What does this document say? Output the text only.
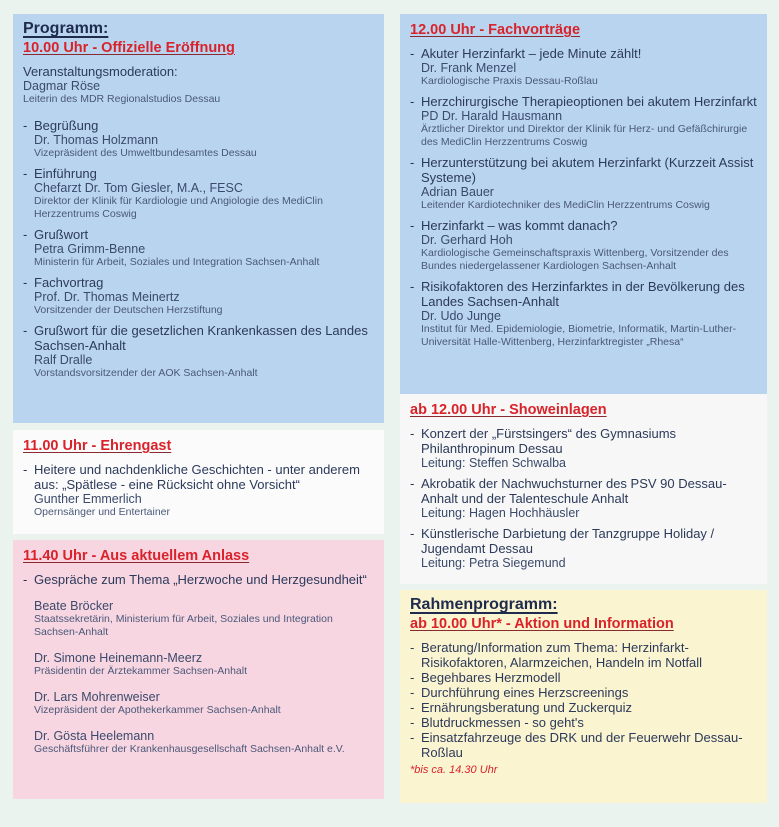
Programm:
10.00 Uhr - Offizielle Eröffnung
Veranstaltungsmoderation:
Dagmar Röse
Leiterin des MDR Regionalstudios Dessau
- Begrüßung
Dr. Thomas Holzmann
Vizepräsident des Umweltbundesamtes Dessau
- Einführung
Chefarzt Dr. Tom Giesler, M.A., FESC
Direktor der Klinik für Kardiologie und Angiologie des MediClin Herzzentrums Coswig
- Grußwort
Petra Grimm-Benne
Ministerin für Arbeit, Soziales und Integration Sachsen-Anhalt
- Fachvortrag
Prof. Dr. Thomas Meinertz
Vorsitzender der Deutschen Herzstiftung
- Grußwort für die gesetzlichen Krankenkassen des Landes Sachsen-Anhalt
Ralf Dralle
Vorstandsvorsitzender der AOK Sachsen-Anhalt
11.00 Uhr - Ehrengast
- Heitere und nachdenkliche Geschichten - unter anderem aus: „Spätlese - eine Rücksicht ohne Vorsicht“
Gunther Emmerlich
Opernsänger und Entertainer
11.40 Uhr - Aus aktuellem Anlass
- Gespräche zum Thema „Herzwoche und Herzgesundheit“
Beate Bröcker
Staatssekretärin, Ministerium für Arbeit, Soziales und Integration Sachsen-Anhalt
Dr. Simone Heinemann-Meerz
Präsidentin der Ärztekammer Sachsen-Anhalt
Dr. Lars Mohrenweiser
Vizepräsident der Apothekerkammer Sachsen-Anhalt
Dr. Gösta Heelemann
Geschäftsführer der Krankenhausgesellschaft Sachsen-Anhalt e.V.
12.00 Uhr - Fachvorträge
- Akuter Herzinfarkt – jede Minute zählt!
Dr. Frank Menzel
Kardiologische Praxis Dessau-Roßlau
- Herzchirurgische Therapieoptionen bei akutem Herzinfarkt
PD Dr. Harald Hausmann
Ärztlicher Direktor und Direktor der Klinik für Herz- und Gefäßchirurgie des MediClin Herzzentrums Coswig
- Herzunterstützung bei akutem Herzinfarkt (Kurzzeit Assist Systeme)
Adrian Bauer
Leitender Kardiotechniker des MediClin Herzzentrums Coswig
- Herzinfarkt – was kommt danach?
Dr. Gerhard Hoh
Kardiologische Gemeinschaftspraxis Wittenberg, Vorsitzender des Bundes niedergelassener Kardiologen Sachsen-Anhalt
- Risikofaktoren des Herzinfarktes in der Bevölkerung des Landes Sachsen-Anhalt
Dr. Udo Junge
Institut für Med. Epidemiologie, Biometrie, Informatik, Martin-Luther-Universität Halle-Wittenberg, Herzinfarktregister „Rhesa“
ab 12.00 Uhr - Showeinlagen
- Konzert der „Fürstsingers“ des Gymnasiums Philanthropinum Dessau
Leitung: Steffen Schwalba
- Akrobatik der Nachwuchsturner des PSV 90 Dessau-Anhalt und der Talenteschule Anhalt
Leitung: Hagen Hochhäusler
- Künstlerische Darbietung der Tanzgruppe Holiday / Jugendamt Dessau
Leitung: Petra Siegemund
Rahmenprogramm:
ab 10.00 Uhr* - Aktion und Information
- Beratung/Information zum Thema: Herzinfarkt-Risikofaktoren, Alarmzeichen, Handeln im Notfall
- Begehbares Herzmodell
- Durchführung eines Herzscreenings
- Ernährungsberatung und Zuckerquiz
- Blutdruckmessen - so geht's
- Einsatzfahrzeuge des DRK und der Feuerwehr Dessau-Roßlau
*bis ca. 14.30 Uhr
